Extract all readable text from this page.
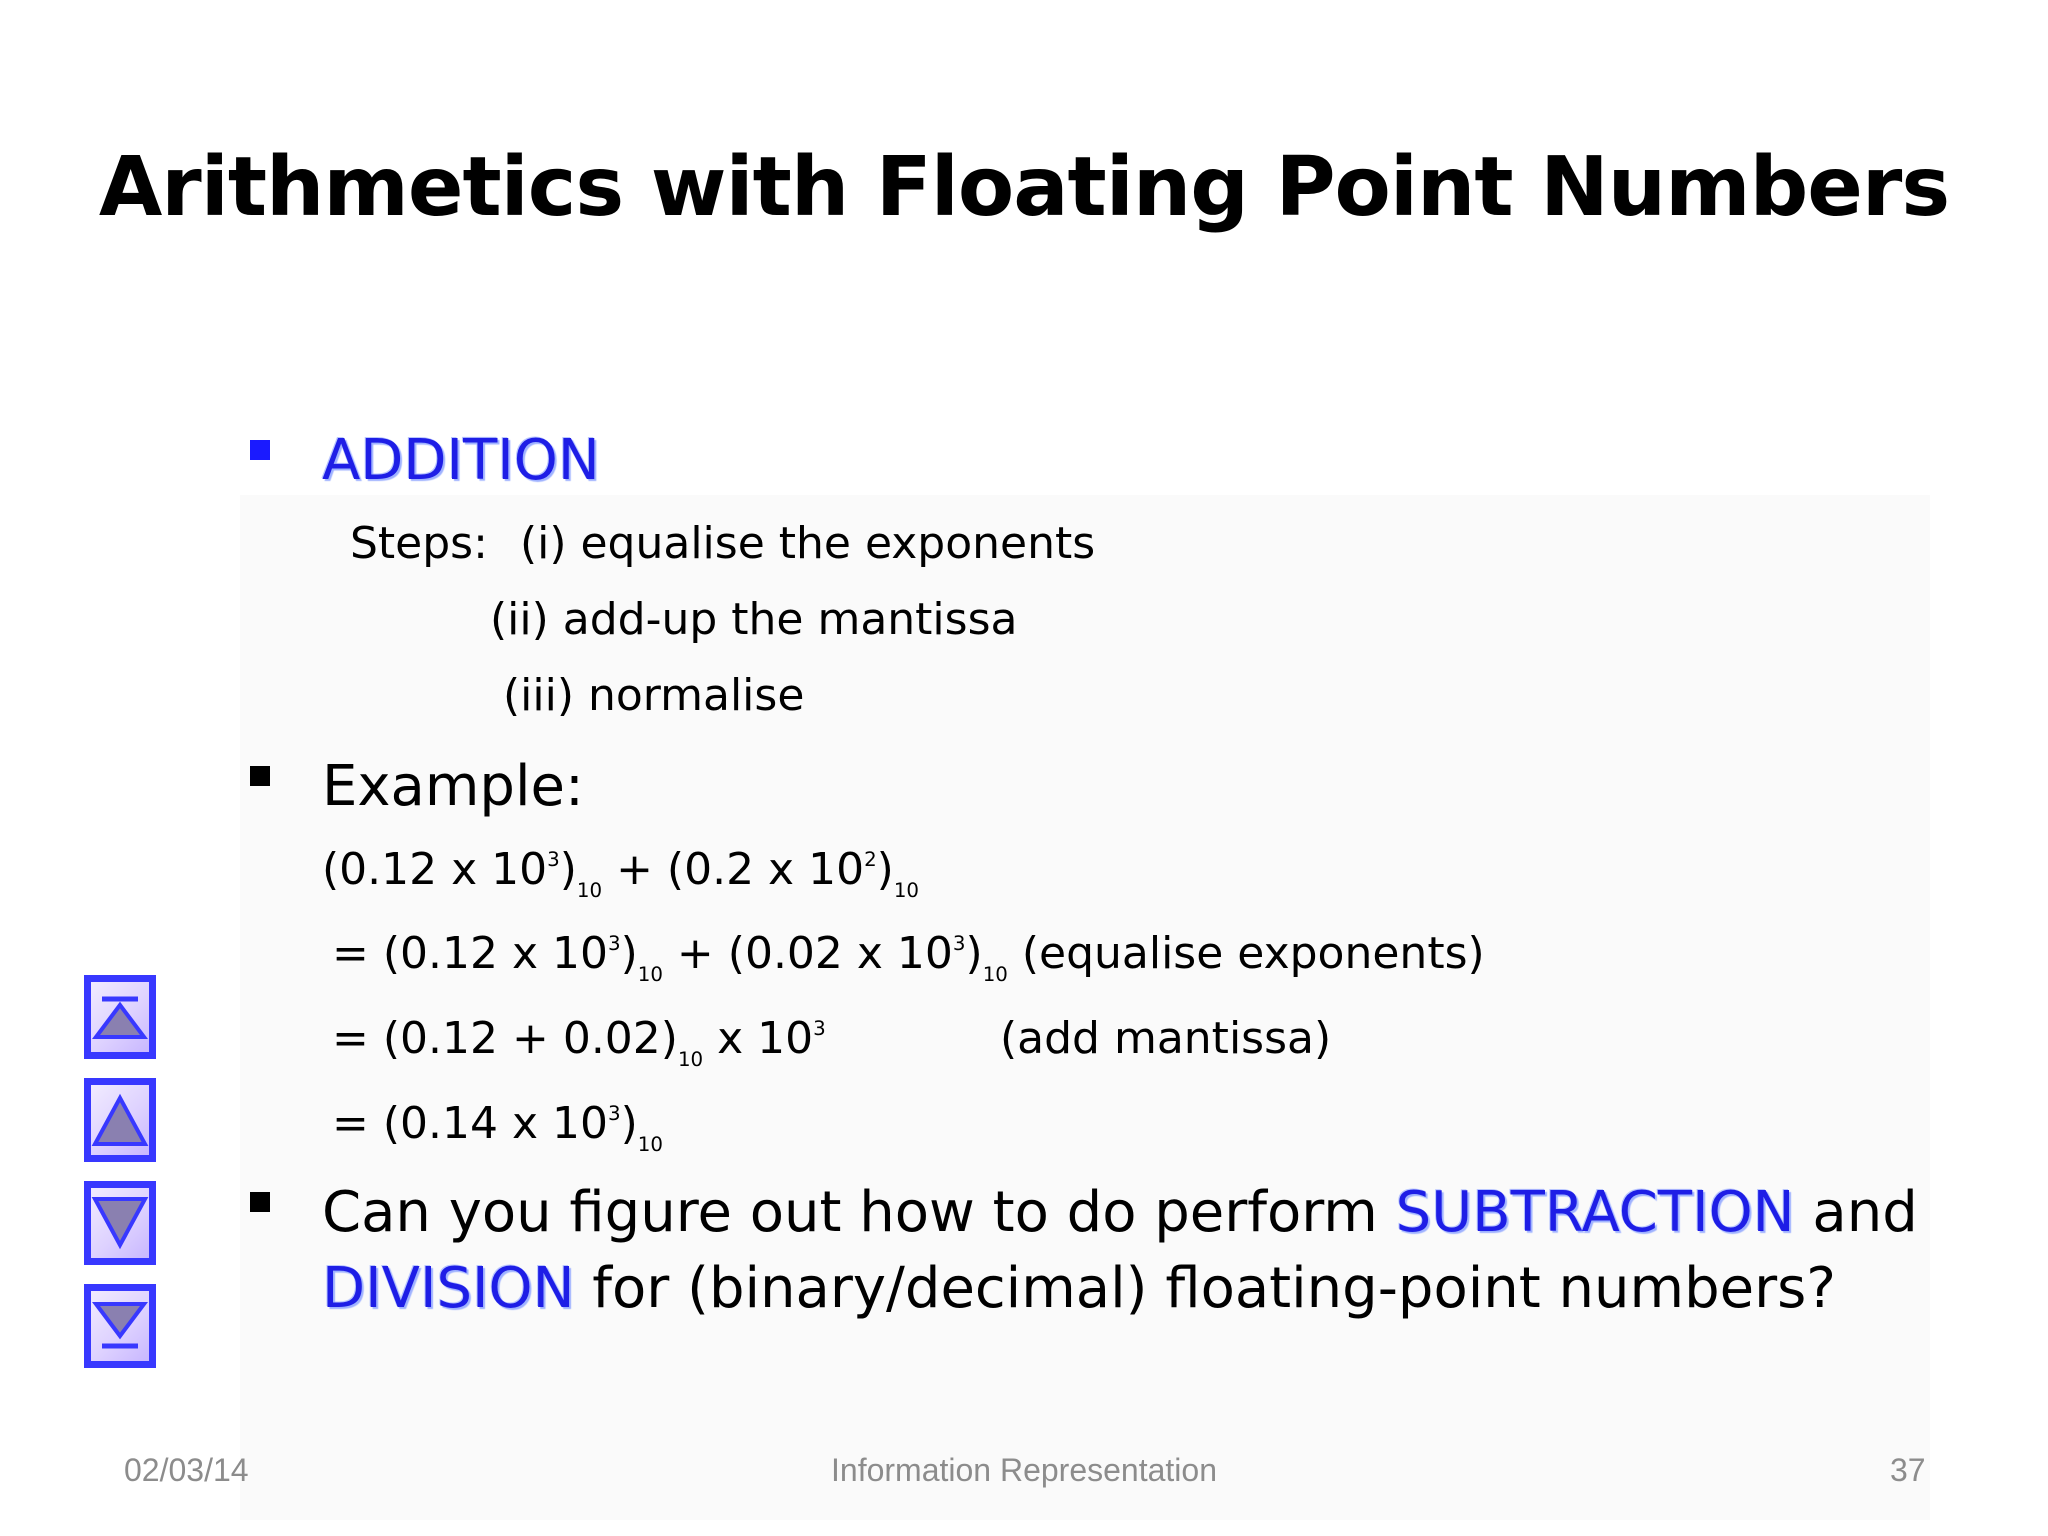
Arithmetics with Floating Point Numbers
ADDITION
Steps: (i) equalise the exponents
(ii) add-up the mantissa
(iii) normalise
Example:
(0.12 x $10^3)_{10} + (0.2$ x $10^2)_{10}$
= (0.12 x $10^3)_{10} + (0.02$ x $10^3)_{10}$ (equalise exponents)
= $(0.12 + 0.02)_{10}$ x $10^3$	(add mantissa)
= (0.14 x $10^3)_{10}$
Can you figure out how to do perform SUBTRACTION and
DIVISION for (binary/decimal) floating-point numbers?
02/03/14	Information Representation	37
